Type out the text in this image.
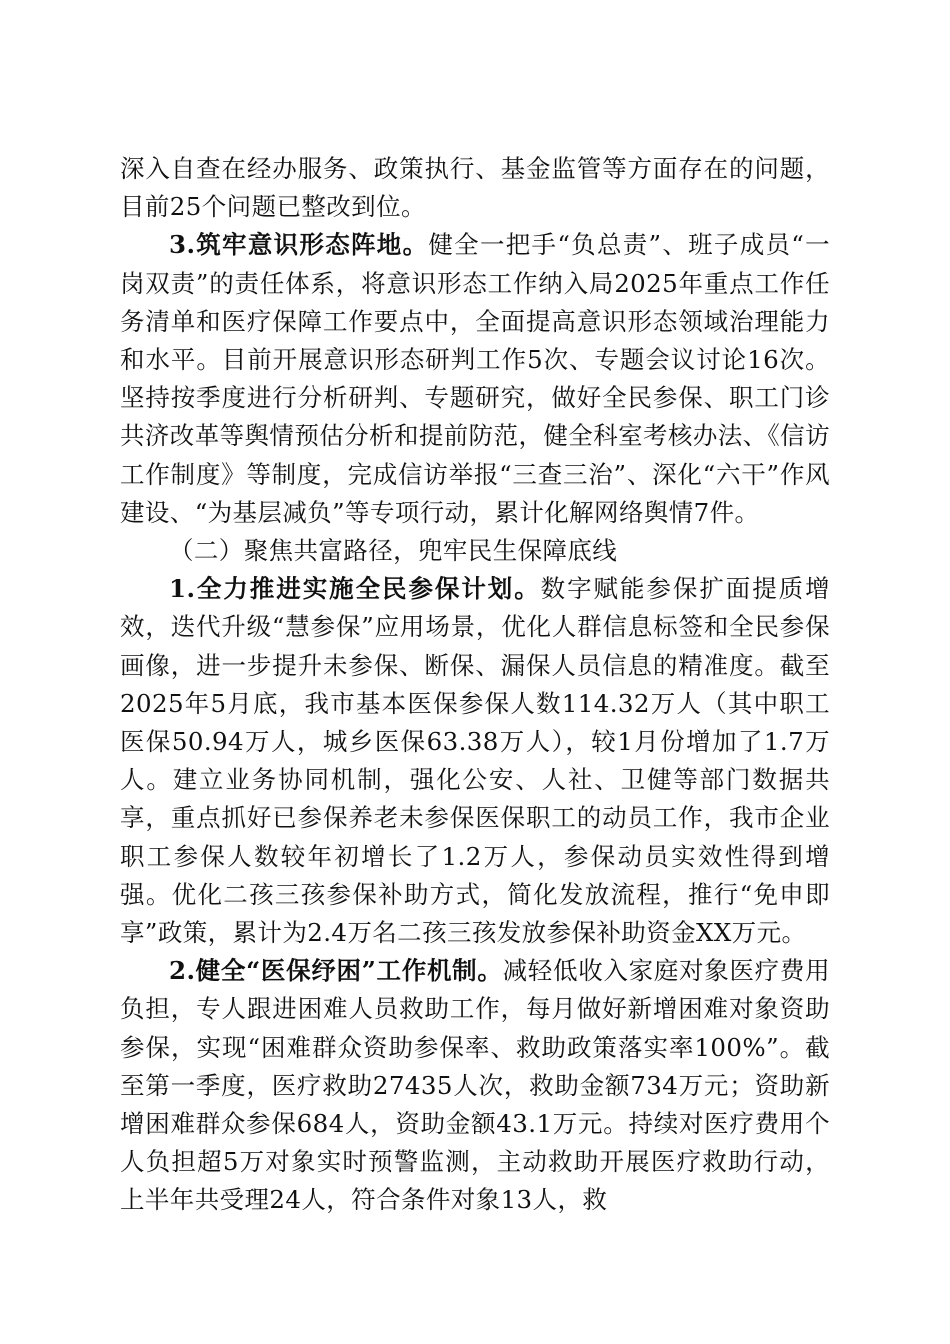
深入自查在经办服务、政策执行、基金监管等方面存在的问题，目前25个问题已整改到位。

3.筑牢意识形态阵地。健全一把手“负总责”、班子成员“一岗双责”的责任体系，将意识形态工作纳入局2025年重点工作任务清单和医疗保障工作要点中，全面提高意识形态领域治理能力和水平。目前开展意识形态研判工作5次、专题会议讨论16次。坚持按季度进行分析研判、专题研究，做好全民参保、职工门诊共济改革等舆情预估分析和提前防范，健全科室考核办法、《信访工作制度》等制度，完成信访举报“三查三治”、深化“六干”作风建设、“为基层减负”等专项行动，累计化解网络舆情7件。

（二）聚焦共富路径，兜牢民生保障底线

1.全力推进实施全民参保计划。数字赋能参保扩面提质增效，迭代升级“慧参保”应用场景，优化人群信息标签和全民参保画像，进一步提升未参保、断保、漏保人员信息的精准度。截至2025年5月底，我市基本医保参保人数114.32万人（其中职工医保50.94万人，城乡医保63.38万人），较1月份增加了1.7万人。建立业务协同机制，强化公安、人社、卫健等部门数据共享，重点抓好已参保养老未参保医保职工的动员工作，我市企业职工参保人数较年初增长了1.2万人，参保动员实效性得到增强。优化二孩三孩参保补助方式，简化发放流程，推行“免申即享”政策，累计为2.4万名二孩三孩发放参保补助资金XX万元。

2.健全“医保纾困”工作机制。减轻低收入家庭对象医疗费用负担，专人跟进困难人员救助工作，每月做好新增困难对象资助参保，实现“困难群众资助参保率、救助政策落实率100%”。截至第一季度，医疗救助27435人次，救助金额734万元；资助新增困难群众参保684人，资助金额43.1万元。持续对医疗费用个人负担超5万对象实时预警监测，主动救助开展医疗救助行动，上半年共受理24人，符合条件对象13人，救
